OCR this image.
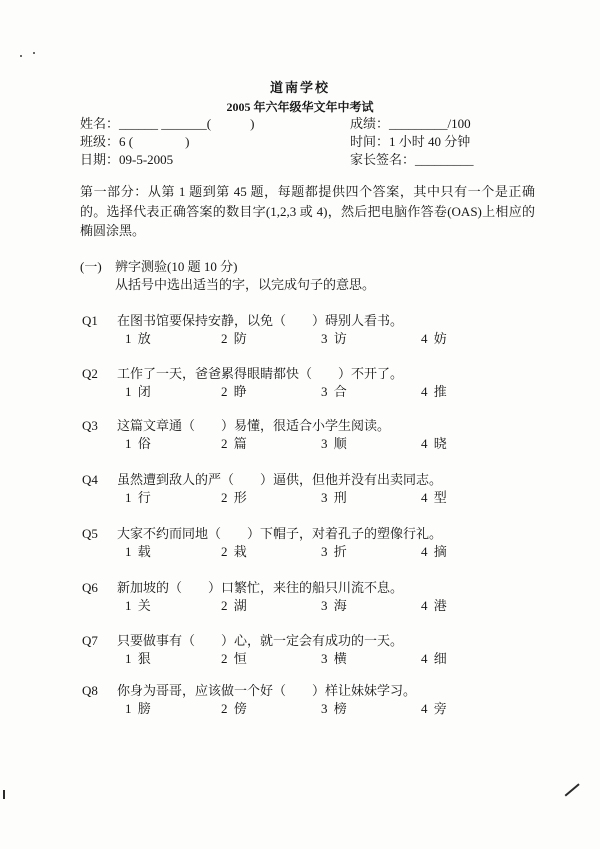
道南学校
2005 年六年级华文年中考试
姓名：______ _______(　　　)
班级：6 (　　　　)
日期：09-5-2005
成绩：_________/100
时间：1 小时 40 分钟
家长签名：_________
第一部分：从第 1 题到第 45 题，每题都提供四个答案，其中只有一个是正确
的。选择代表正确答案的数目字(1,2,3 或 4)，然后把电脑作答卷(OAS)上相应的
椭圆涂黑。
(一) 辨字测验(10 题 10 分)
从括号中选出适当的字，以完成句子的意思。
Q1 在图书馆要保持安静，以免（　　）碍别人看书。
1 放	2 防	3 访	4 妨
Q2 工作了一天，爸爸累得眼睛都快（　　）不开了。
1 闭	2 睁	3 合	4 推
Q3 这篇文章通（　　）易懂，很适合小学生阅读。
1 俗	2 篇	3 顺	4 晓
Q4 虽然遭到敌人的严（　　）逼供，但他并没有出卖同志。
1 行	2 形	3 刑	4 型
Q5 大家不约而同地（　　）下帽子，对着孔子的塑像行礼。
1 载	2 栽	3 折	4 摘
Q6 新加坡的（　　）口繁忙，来往的船只川流不息。
1 关	2 湖	3 海	4 港
Q7 只要做事有（　　）心，就一定会有成功的一天。
1 狠	2 恒	3 横	4 细
Q8 你身为哥哥，应该做一个好（　　）样让妹妹学习。
1 膀	2 傍	3 榜	4 旁
